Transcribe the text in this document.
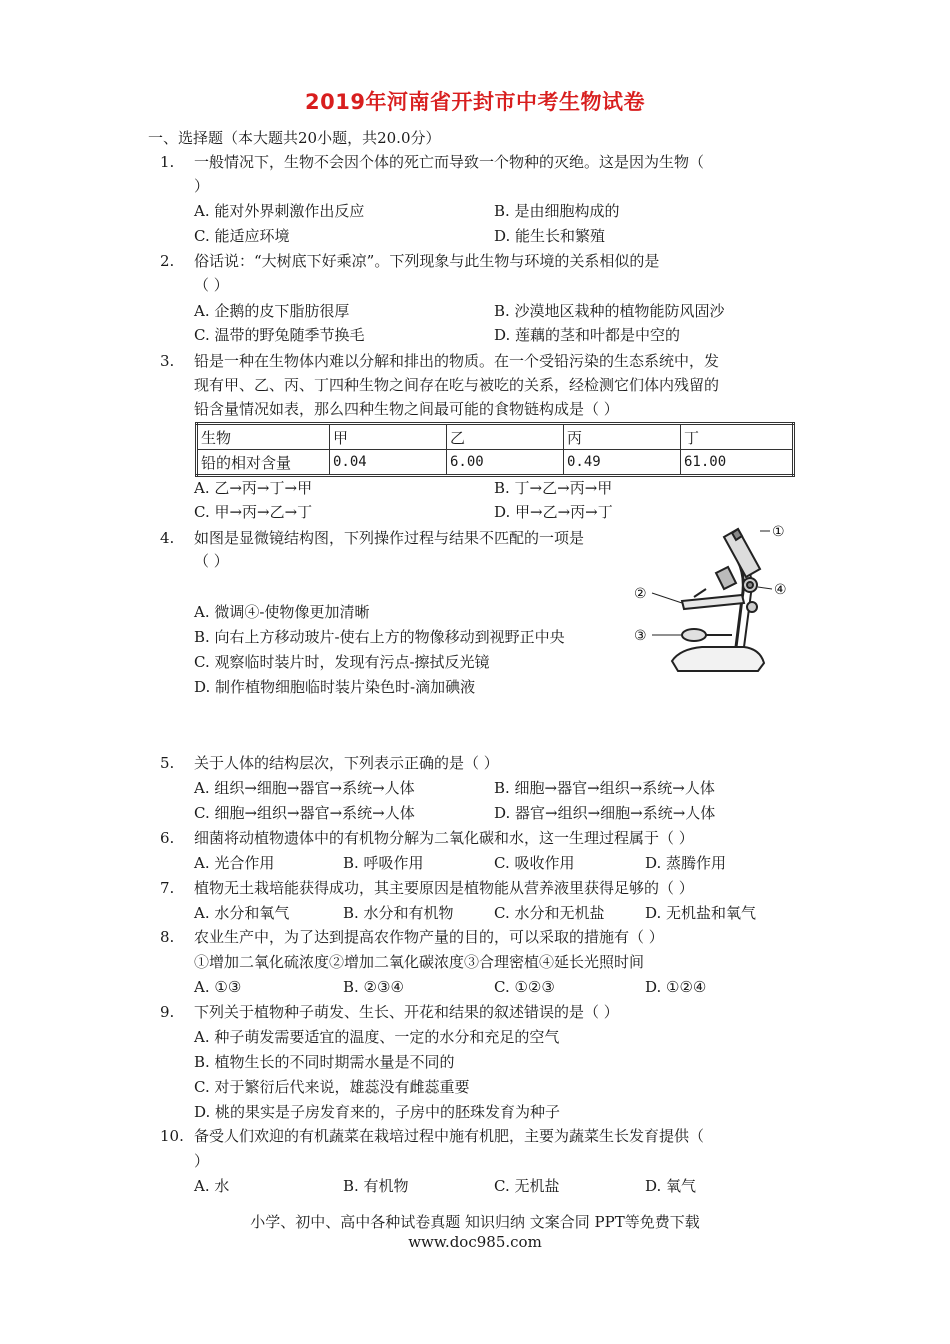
2019年河南省开封市中考生物试卷
一、选择题（本大题共20小题，共20.0分）
1. 一般情况下，生物不会因个体的死亡而导致一个物种的灭绝。这是因为生物（
）
A. 能对外界刺激作出反应	B. 是由细胞构成的
C. 能适应环境	D. 能生长和繁殖
2. 俗话说：“大树底下好乘凉”。下列现象与此生物与环境的关系相似的是
（ ）
A. 企鹅的皮下脂肪很厚	B. 沙漠地区栽种的植物能防风固沙
C. 温带的野兔随季节换毛	D. 莲藕的茎和叶都是中空的
3. 铅是一种在生物体内难以分解和排出的物质。在一个受铅污染的生态系统中，发
现有甲、乙、丙、丁四种生物之间存在吃与被吃的关系，经检测它们体内残留的
铅含量情况如表，那么四种生物之间最可能的食物链构成是（ ）
生物	甲	乙	丙	丁
铅的相对含量	0.04	6.00	0.49	61.00
A. 乙→丙→丁→甲	B. 丁→乙→丙→甲
C. 甲→丙→乙→丁	D. 甲→乙→丙→丁
4. 如图是显微镜结构图，下列操作过程与结果不匹配的一项是
（ ）
A. 微调④-使物像更加清晰
B. 向右上方移动玻片-使右上方的物像移动到视野正中央
C. 观察临时装片时，发现有污点-擦拭反光镜
D. 制作植物细胞临时装片染色时-滴加碘液
①
②
③
④
5. 关于人体的结构层次，下列表示正确的是（ ）
A. 组织→细胞→器官→系统→人体	B. 细胞→器官→组织→系统→人体
C. 细胞→组织→器官→系统→人体	D. 器官→组织→细胞→系统→人体
6. 细菌将动植物遗体中的有机物分解为二氧化碳和水，这一生理过程属于（ ）
A. 光合作用	B. 呼吸作用	C. 吸收作用	D. 蒸腾作用
7. 植物无土栽培能获得成功，其主要原因是植物能从营养液里获得足够的（ ）
A. 水分和氧气	B. 水分和有机物	C. 水分和无机盐	D. 无机盐和氧气
8. 农业生产中，为了达到提高农作物产量的目的，可以采取的措施有（ ）
①增加二氧化硫浓度②增加二氧化碳浓度③合理密植④延长光照时间
A. ①③	B. ②③④	C. ①②③	D. ①②④
9. 下列关于植物种子萌发、生长、开花和结果的叙述错误的是（ ）
A. 种子萌发需要适宜的温度、一定的水分和充足的空气
B. 植物生长的不同时期需水量是不同的
C. 对于繁衍后代来说，雄蕊没有雌蕊重要
D. 桃的果实是子房发育来的，子房中的胚珠发育为种子
10. 备受人们欢迎的有机蔬菜在栽培过程中施有机肥，主要为蔬菜生长发育提供（
）
A. 水	B. 有机物	C. 无机盐	D. 氧气
小学、初中、高中各种试卷真题 知识归纳 文案合同 PPT等免费下载
www.doc985.com
